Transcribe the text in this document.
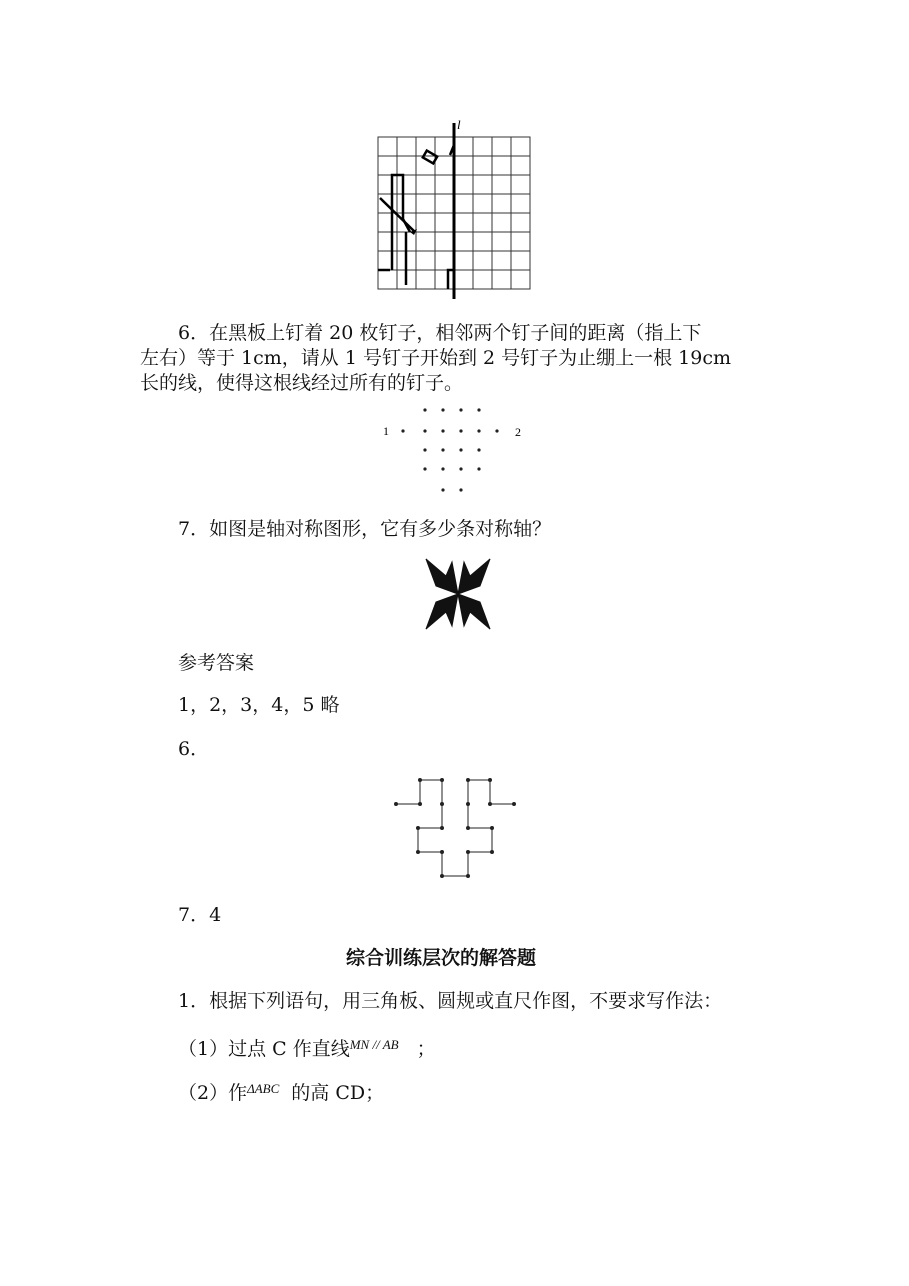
l
6．在黑板上钉着 20 枚钉子，相邻两个钉子间的距离（指上下
左右）等于 1cm，请从 1 号钉子开始到 2 号钉子为止绷上一根 19cm
长的线，使得这根线经过所有的钉子。
1	2
7．如图是轴对称图形，它有多少条对称轴？
参考答案
1，2，3，4，5 略
6．
7．4
综合训练层次的解答题
1．根据下列语句，用三角板、圆规或直尺作图，不要求写作法：
（1）过点 C 作直线$^{MN // AB}$ ；
（2）作$^{\Delta ABC}$ 的高 CD；
